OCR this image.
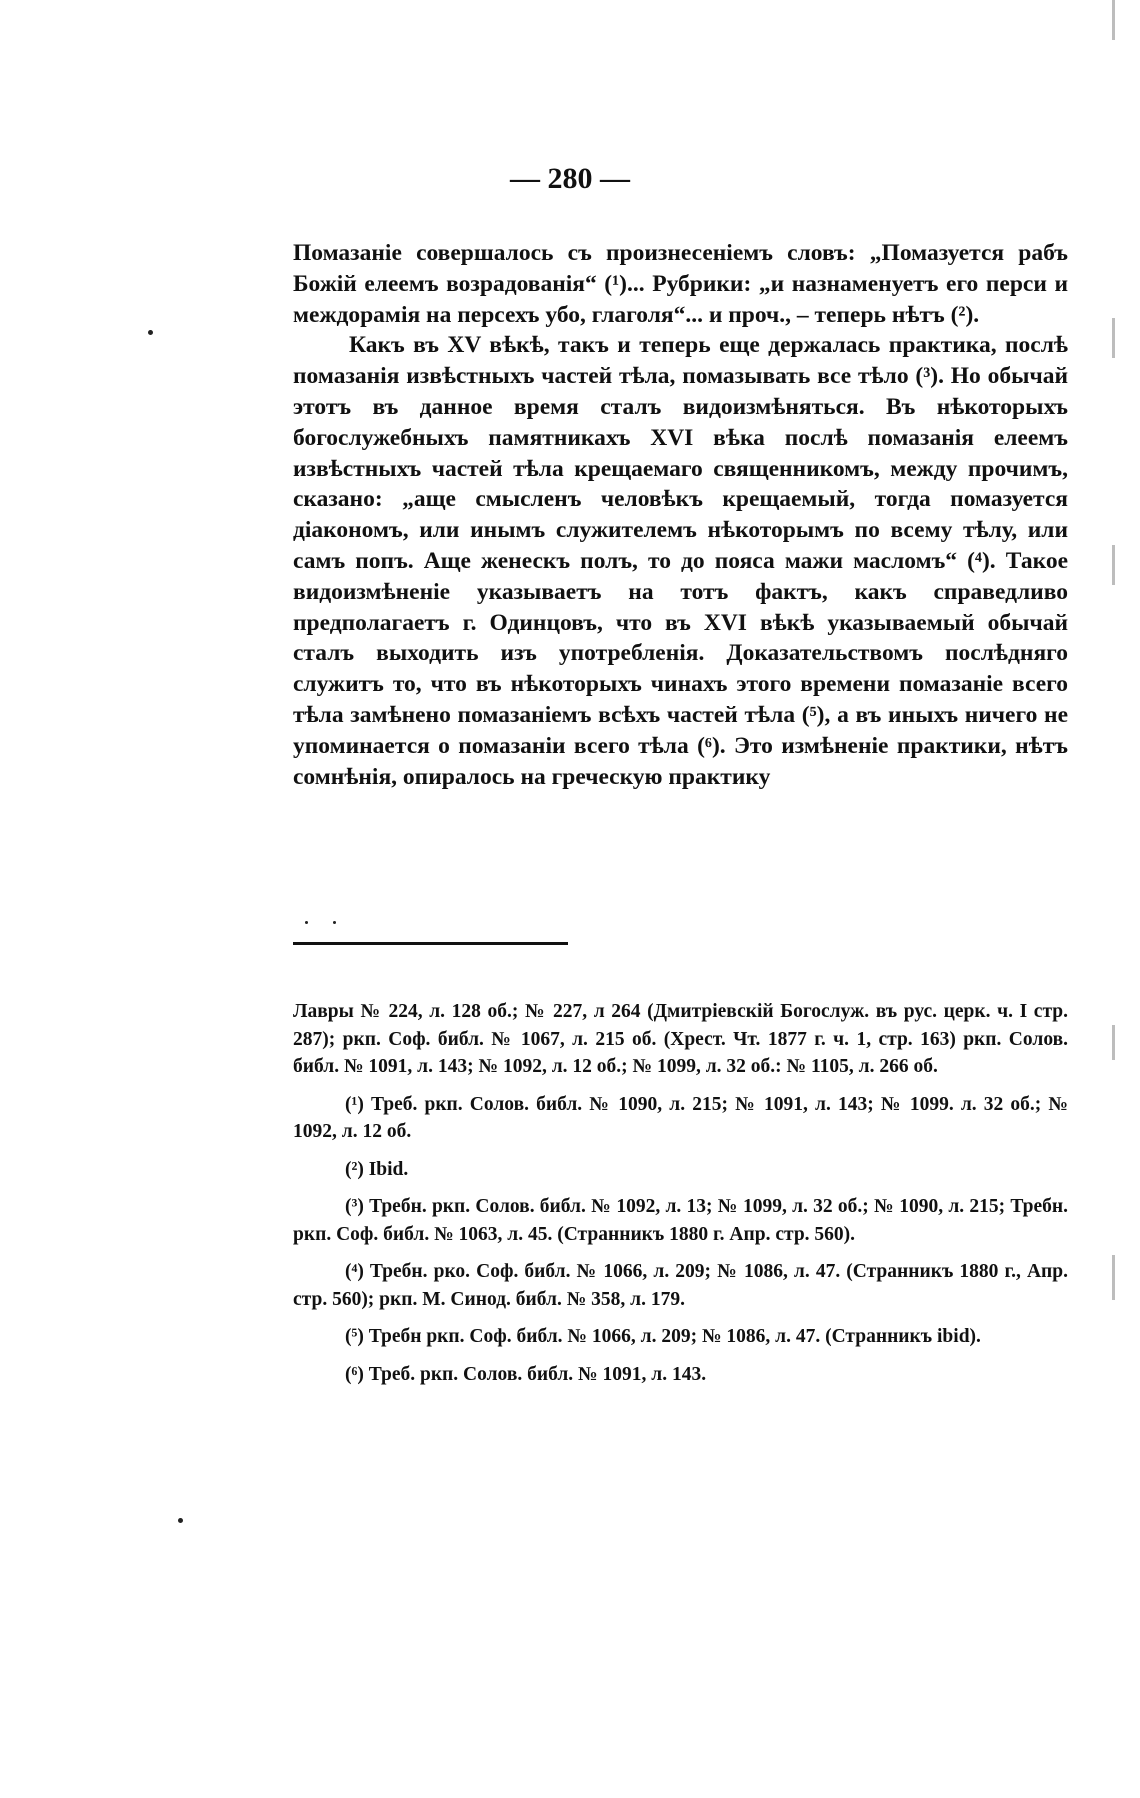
— 280 —

Помазаніе совершалось съ произнесеніемъ словъ: „Помазуется рабъ Божій елеемъ возрадованія“ (¹)... Рубрики: „и назнаменуетъ его перси и междорамія на персехъ убо, глаголя“... и проч., – теперь нѣтъ (²).

Какъ въ XV вѣкѣ, такъ и теперь еще держалась практика, послѣ помазанія извѣстныхъ частей тѣла, помазывать все тѣло (³). Но обычай этотъ въ данное время сталъ видоизмѣняться. Въ нѣкоторыхъ богослужебныхъ памятникахъ XVI вѣка послѣ помазанія елеемъ извѣстныхъ частей тѣла крещаемаго священникомъ, между прочимъ, сказано: „аще смысленъ человѣкъ крещаемый, тогда помазуется діакономъ, или инымъ служителемъ нѣкоторымъ по всему тѣлу, или самъ попъ. Аще женескъ полъ, то до пояса мажи масломъ“ (⁴). Такое видоизмѣненіе указываетъ на тотъ фактъ, какъ справедливо предполагаетъ г. Одинцовъ, что въ XVI вѣкѣ указываемый обычай сталъ выходить изъ употребленія. Доказательствомъ послѣдняго служитъ то, что въ нѣкоторыхъ чинахъ этого времени помазаніе всего тѣла замѣнено помазаніемъ всѣхъ частей тѣла (⁵), а въ иныхъ ничего не упоминается о помазаніи всего тѣла (⁶). Это измѣненіе практики, нѣтъ сомнѣнія, опиралось на греческую практику

Лавры № 224, л. 128 об.; № 227, л 264 (Дмитріевскій Богослуж. въ рус. церк. ч. I стр. 287); ркп. Соф. библ. № 1067, л. 215 об. (Хрест. Чт. 1877 г. ч. 1, стр. 163) ркп. Солов. библ. № 1091, л. 143; № 1092, л. 12 об.; № 1099, л. 32 об.: № 1105, л. 266 об.

(¹) Треб. ркп. Солов. библ. № 1090, л. 215; № 1091, л. 143; № 1099. л. 32 об.; № 1092, л. 12 об.

(²) Ibid.

(³) Требн. ркп. Солов. библ. № 1092, л. 13; № 1099, л. 32 об.; № 1090, л. 215; Требн. ркп. Соф. библ. № 1063, л. 45. (Странникъ 1880 г. Апр. стр. 560).

(⁴) Требн. рко. Соф. библ. № 1066, л. 209; № 1086, л. 47. (Странникъ 1880 г., Апр. стр. 560); ркп. М. Синод. библ. № 358, л. 179.

(⁵) Требн ркп. Соф. библ. № 1066, л. 209; № 1086, л. 47. (Странникъ ibid).

(⁶) Треб. ркп. Солов. библ. № 1091, л. 143.
